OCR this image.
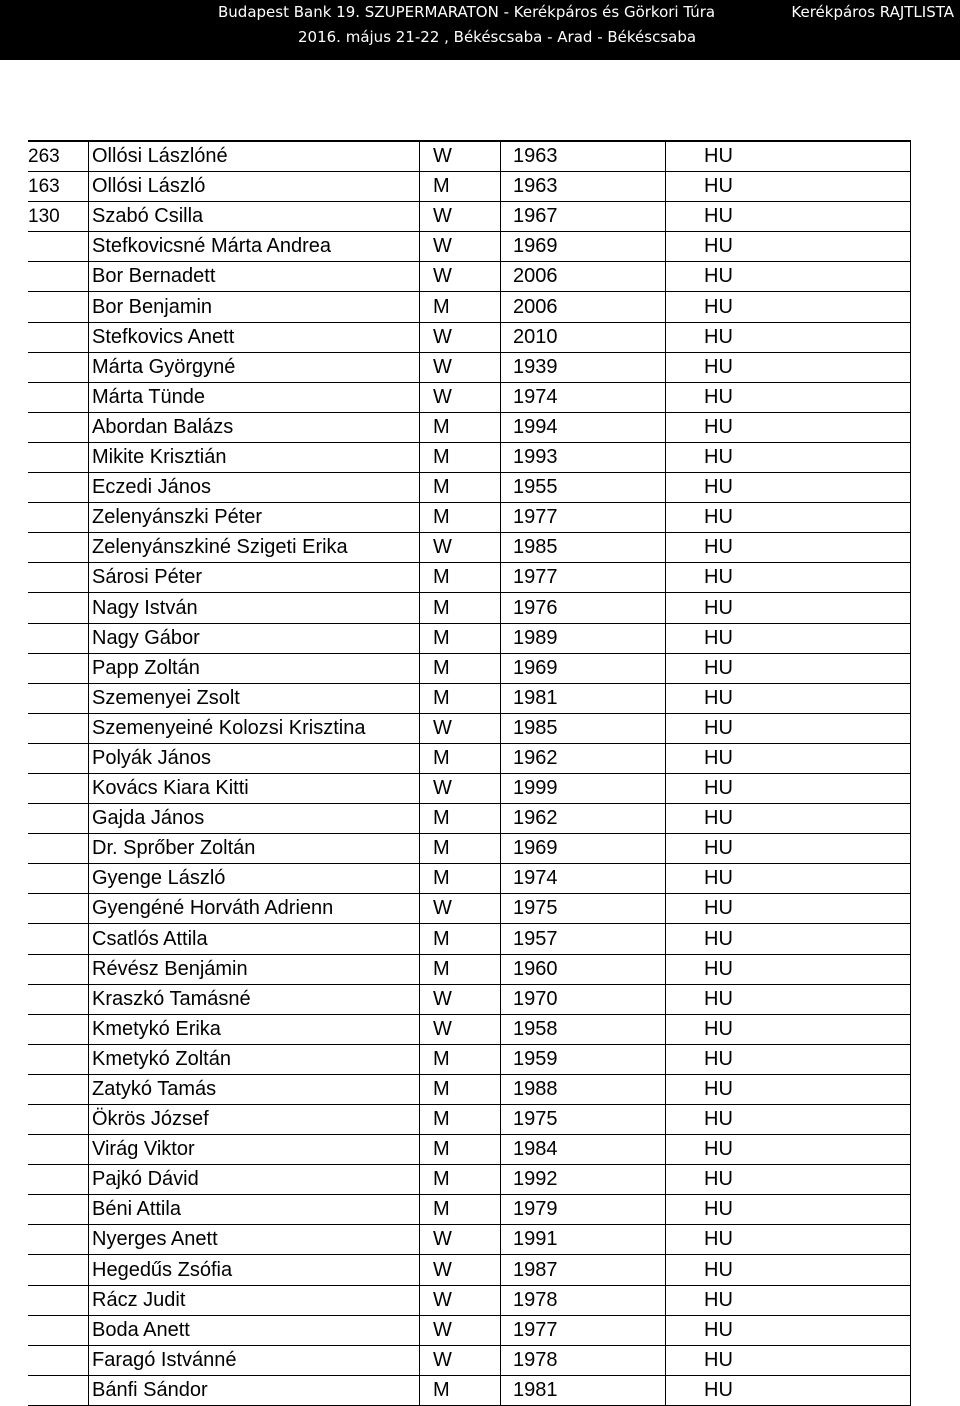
Budapest Bank 19. SZUPERMARATON - Kerékpáros és Görkori Túra
2016. május 21-22 , Békéscsaba - Arad - Békéscsaba
Kerékpáros RAJTLISTA
263	Ollósi Lászlóné	W	1963	HU
163	Ollósi László	M	1963	HU
130	Szabó Csilla	W	1967	HU
	Stefkovicsné Márta Andrea	W	1969	HU
	Bor Bernadett	W	2006	HU
	Bor Benjamin	M	2006	HU
	Stefkovics Anett	W	2010	HU
	Márta Györgyné	W	1939	HU
	Márta Tünde	W	1974	HU
	Abordan Balázs	M	1994	HU
	Mikite Krisztián	M	1993	HU
	Eczedi János	M	1955	HU
	Zelenyánszki Péter	M	1977	HU
	Zelenyánszkiné Szigeti Erika	W	1985	HU
	Sárosi Péter	M	1977	HU
	Nagy István	M	1976	HU
	Nagy Gábor	M	1989	HU
	Papp Zoltán	M	1969	HU
	Szemenyei Zsolt	M	1981	HU
	Szemenyeiné Kolozsi Krisztina	W	1985	HU
	Polyák János	M	1962	HU
	Kovács Kiara Kitti	W	1999	HU
	Gajda János	M	1962	HU
	Dr. Sprőber Zoltán	M	1969	HU
	Gyenge László	M	1974	HU
	Gyengéné Horváth Adrienn	W	1975	HU
	Csatlós Attila	M	1957	HU
	Révész Benjámin	M	1960	HU
	Kraszkó Tamásné	W	1970	HU
	Kmetykó Erika	W	1958	HU
	Kmetykó Zoltán	M	1959	HU
	Zatykó Tamás	M	1988	HU
	Ökrös József	M	1975	HU
	Virág Viktor	M	1984	HU
	Pajkó Dávid	M	1992	HU
	Béni Attila	M	1979	HU
	Nyerges Anett	W	1991	HU
	Hegedűs Zsófia	W	1987	HU
	Rácz Judit	W	1978	HU
	Boda Anett	W	1977	HU
	Faragó Istvánné	W	1978	HU
	Bánfi Sándor	M	1981	HU
